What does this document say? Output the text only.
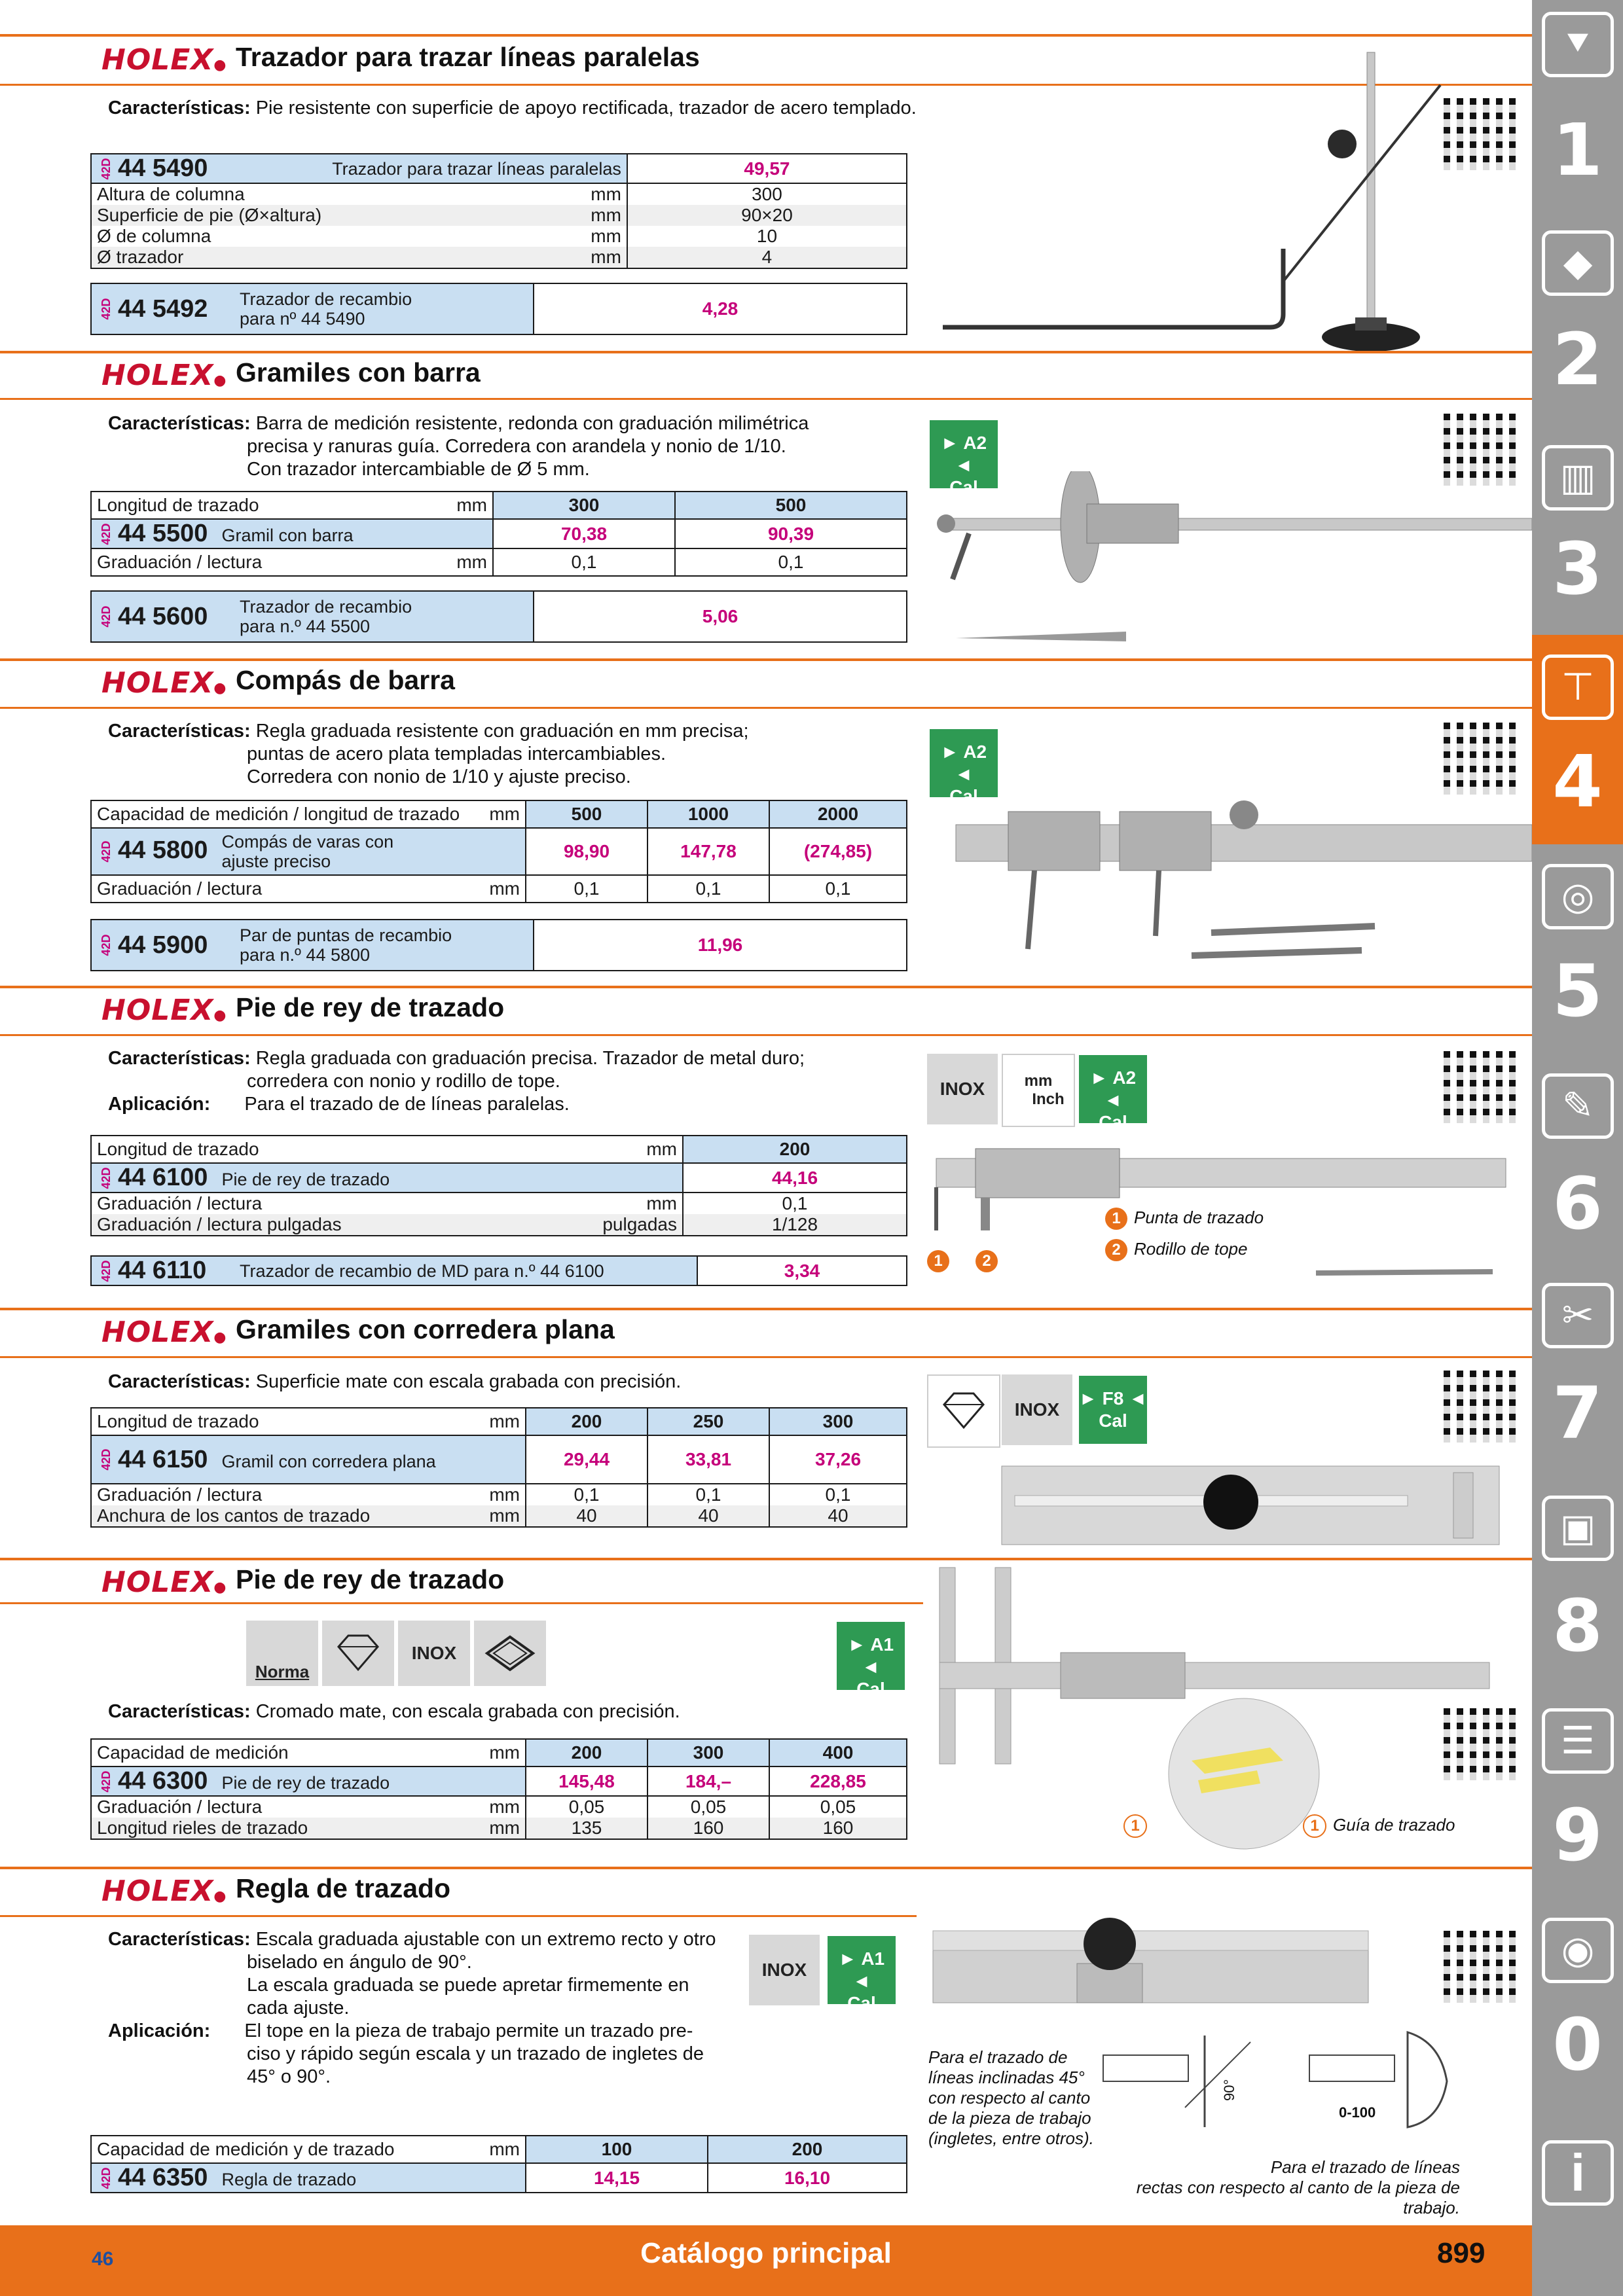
HOLEX● Trazador para trazar líneas paralelas
Características: Pie resistente con superficie de apoyo rectificada, trazador de acero templado.
42D 44 5490	Trazador para trazar líneas paralelas	49,57
Altura de columna	mm	300
Superficie de pie (Ø×altura)	mm	90×20
Ø de columna	mm	10
Ø trazador	mm	4
42D 44 5492	Trazador de recambio
para nº 44 5490	4,28
HOLEX● Gramiles con barra
Características: Barra de medición resistente, redonda con graduación milimétrica
precisa y ranuras guía. Corredera con arandela y nonio de 1/10.
Con trazador intercambiable de Ø 5 mm.
► A2 ◄
Cal
Longitud de trazado	mm	300	500

42D 44 5500 Gramil con barra		70,38	90,39
Graduación / lectura	mm	0,1	0,1
42D 44 5600	Trazador de recambio
para n.º 44 5500	5,06
HOLEX● Compás de barra
Características: Regla graduada resistente con graduación en mm precisa;
puntas de acero plata templadas intercambiables.
Corredera con nonio de 1/10 y ajuste preciso.
► A2 ◄
Cal
Capacidad de medición / longitud de trazado	mm	500	1000	2000

42D 44 5800 Compás de varas con
ajuste preciso		98,90	147,78	(274,85)
Graduación / lectura	mm	0,1	0,1	0,1
42D 44 5900	Par de puntas de recambio
para n.º 44 5800	11,96
HOLEX● Pie de rey de trazado
Características: Regla graduada con graduación precisa. Trazador de metal duro;
corredera con nonio y rodillo de tope.
Aplicación: Para el trazado de de líneas paralelas.
INOX	mm
Inch
► A2 ◄
Cal
Longitud de trazado	mm	200

42D 44 6100 Pie de rey de trazado		44,16
Graduación / lectura	mm	0,1
Graduación / lectura pulgadas	pulgadas	1/128
42D 44 6110	Trazador de recambio de MD para n.º 44 6100	3,34	1	2
1 Punta de trazado
2 Rodillo de tope
HOLEX● Gramiles con corredera plana
Características: Superficie mate con escala grabada con precisión.
INOX
► F8 ◄
Cal
Longitud de trazado	mm	200	250	300

42D 44 6150 Gramil con corredera plana		29,44	33,81	37,26
Graduación / lectura	mm	0,1	0,1	0,1
Anchura de los cantos de trazado	mm	40	40	40
HOLEX● Pie de rey de trazado
Norma
INOX	► A1 ◄
Cal
Características: Cromado mate, con escala grabada con precisión.
Capacidad de medición	mm	200	300	400

42D 44 6300 Pie de rey de trazado		145,48	184,–	228,85
Graduación / lectura	mm	0,05	0,05	0,05
Longitud rieles de trazado	mm	135	160	160	1	1 Guía de trazado
HOLEX● Regla de trazado
Características: Escala graduada ajustable con un extremo recto y otro
biselado en ángulo de 90°.
La escala graduada se puede apretar firmemente en
cada ajuste.
Aplicación: El tope en la pieza de trabajo permite un trazado pre-
ciso y rápido según escala y un trazado de ingletes de
45° o 90°.
INOX
► A1 ◄
Cal
Capacidad de medición y de trazado	mm	100	200

42D 44 6350 Regla de trazado		14,15	16,10
90°
0-100
Para el trazado de
líneas inclinadas 45°
con respecto al canto
de la pieza de trabajo
(ingletes, entre otros).
Para el trazado de líneas
rectas con respecto al canto de la pieza de trabajo.
46	Catálogo principal	899
⯆
1
◆
2
▥
3
⊤
4
◎
5
✎
6
✂
7
▣
8
☰
9
◉
0
i
